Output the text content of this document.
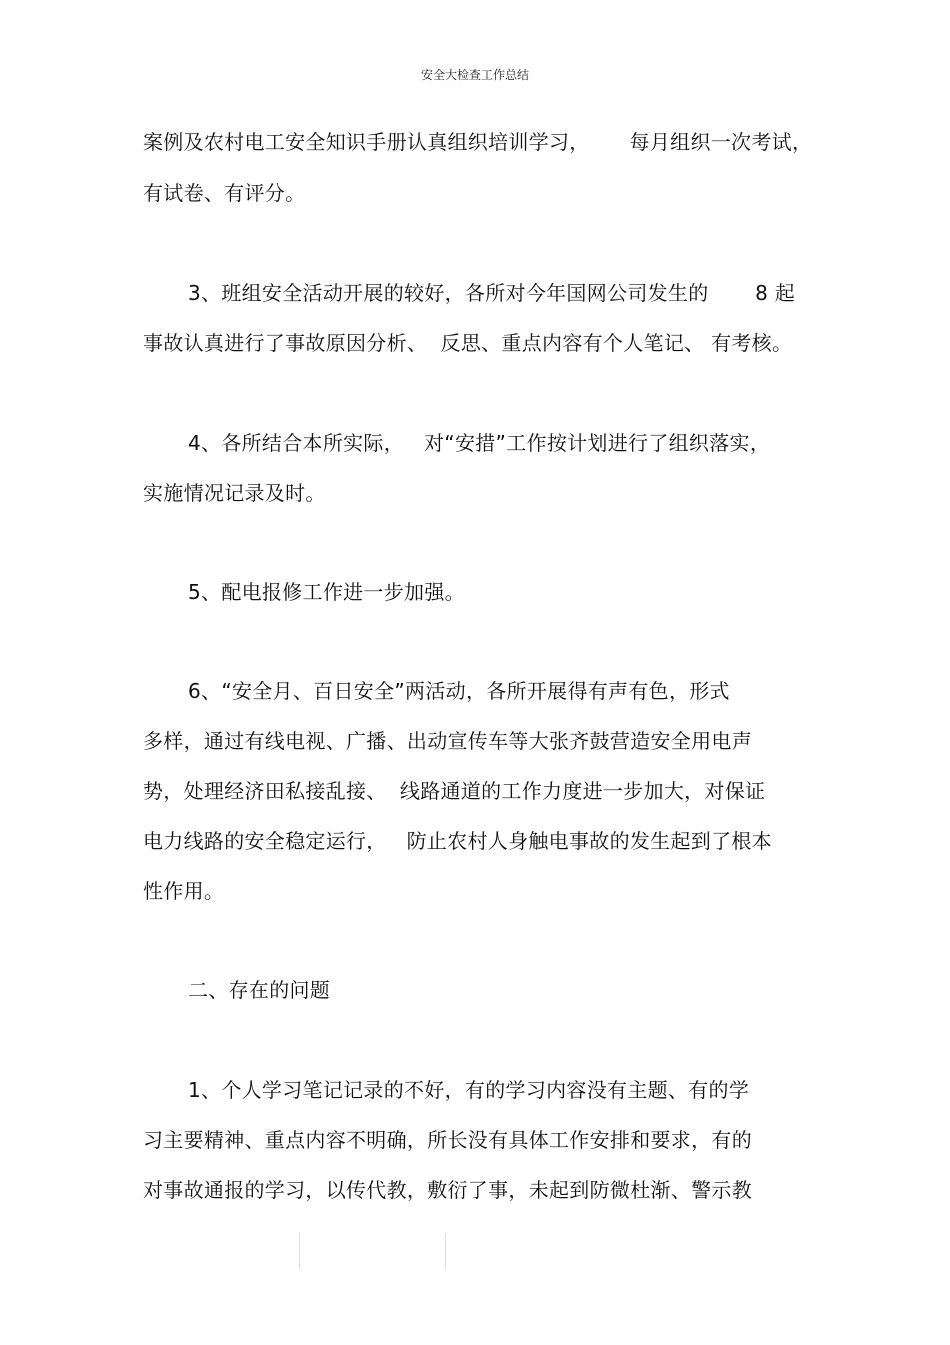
安全大检查工作总结
案例及农村电工安全知识手册认真组织培训学习，      每月组织一次考试，
有试卷、有评分。
3、班组安全活动开展的较好，各所对今年国网公司发生的       8 起
事故认真进行了事故原因分析、  反思、重点内容有个人笔记、 有考核。
4、各所结合本所实际，   对“安措”工作按计划进行了组织落实，
实施情况记录及时。
5、配电报修工作进一步加强。
6、“安全月、百日安全”两活动，各所开展得有声有色，形式
多样，通过有线电视、广播、出动宣传车等大张齐鼓营造安全用电声
势，处理经济田私接乱接、  线路通道的工作力度进一步加大，对保证
电力线路的安全稳定运行，   防止农村人身触电事故的发生起到了根本
性作用。
二、存在的问题
1、个人学习笔记记录的不好，有的学习内容没有主题、有的学
习主要精神、重点内容不明确，所长没有具体工作安排和要求，有的
对事故通报的学习，以传代教，敷衍了事，未起到防微杜渐、警示教
